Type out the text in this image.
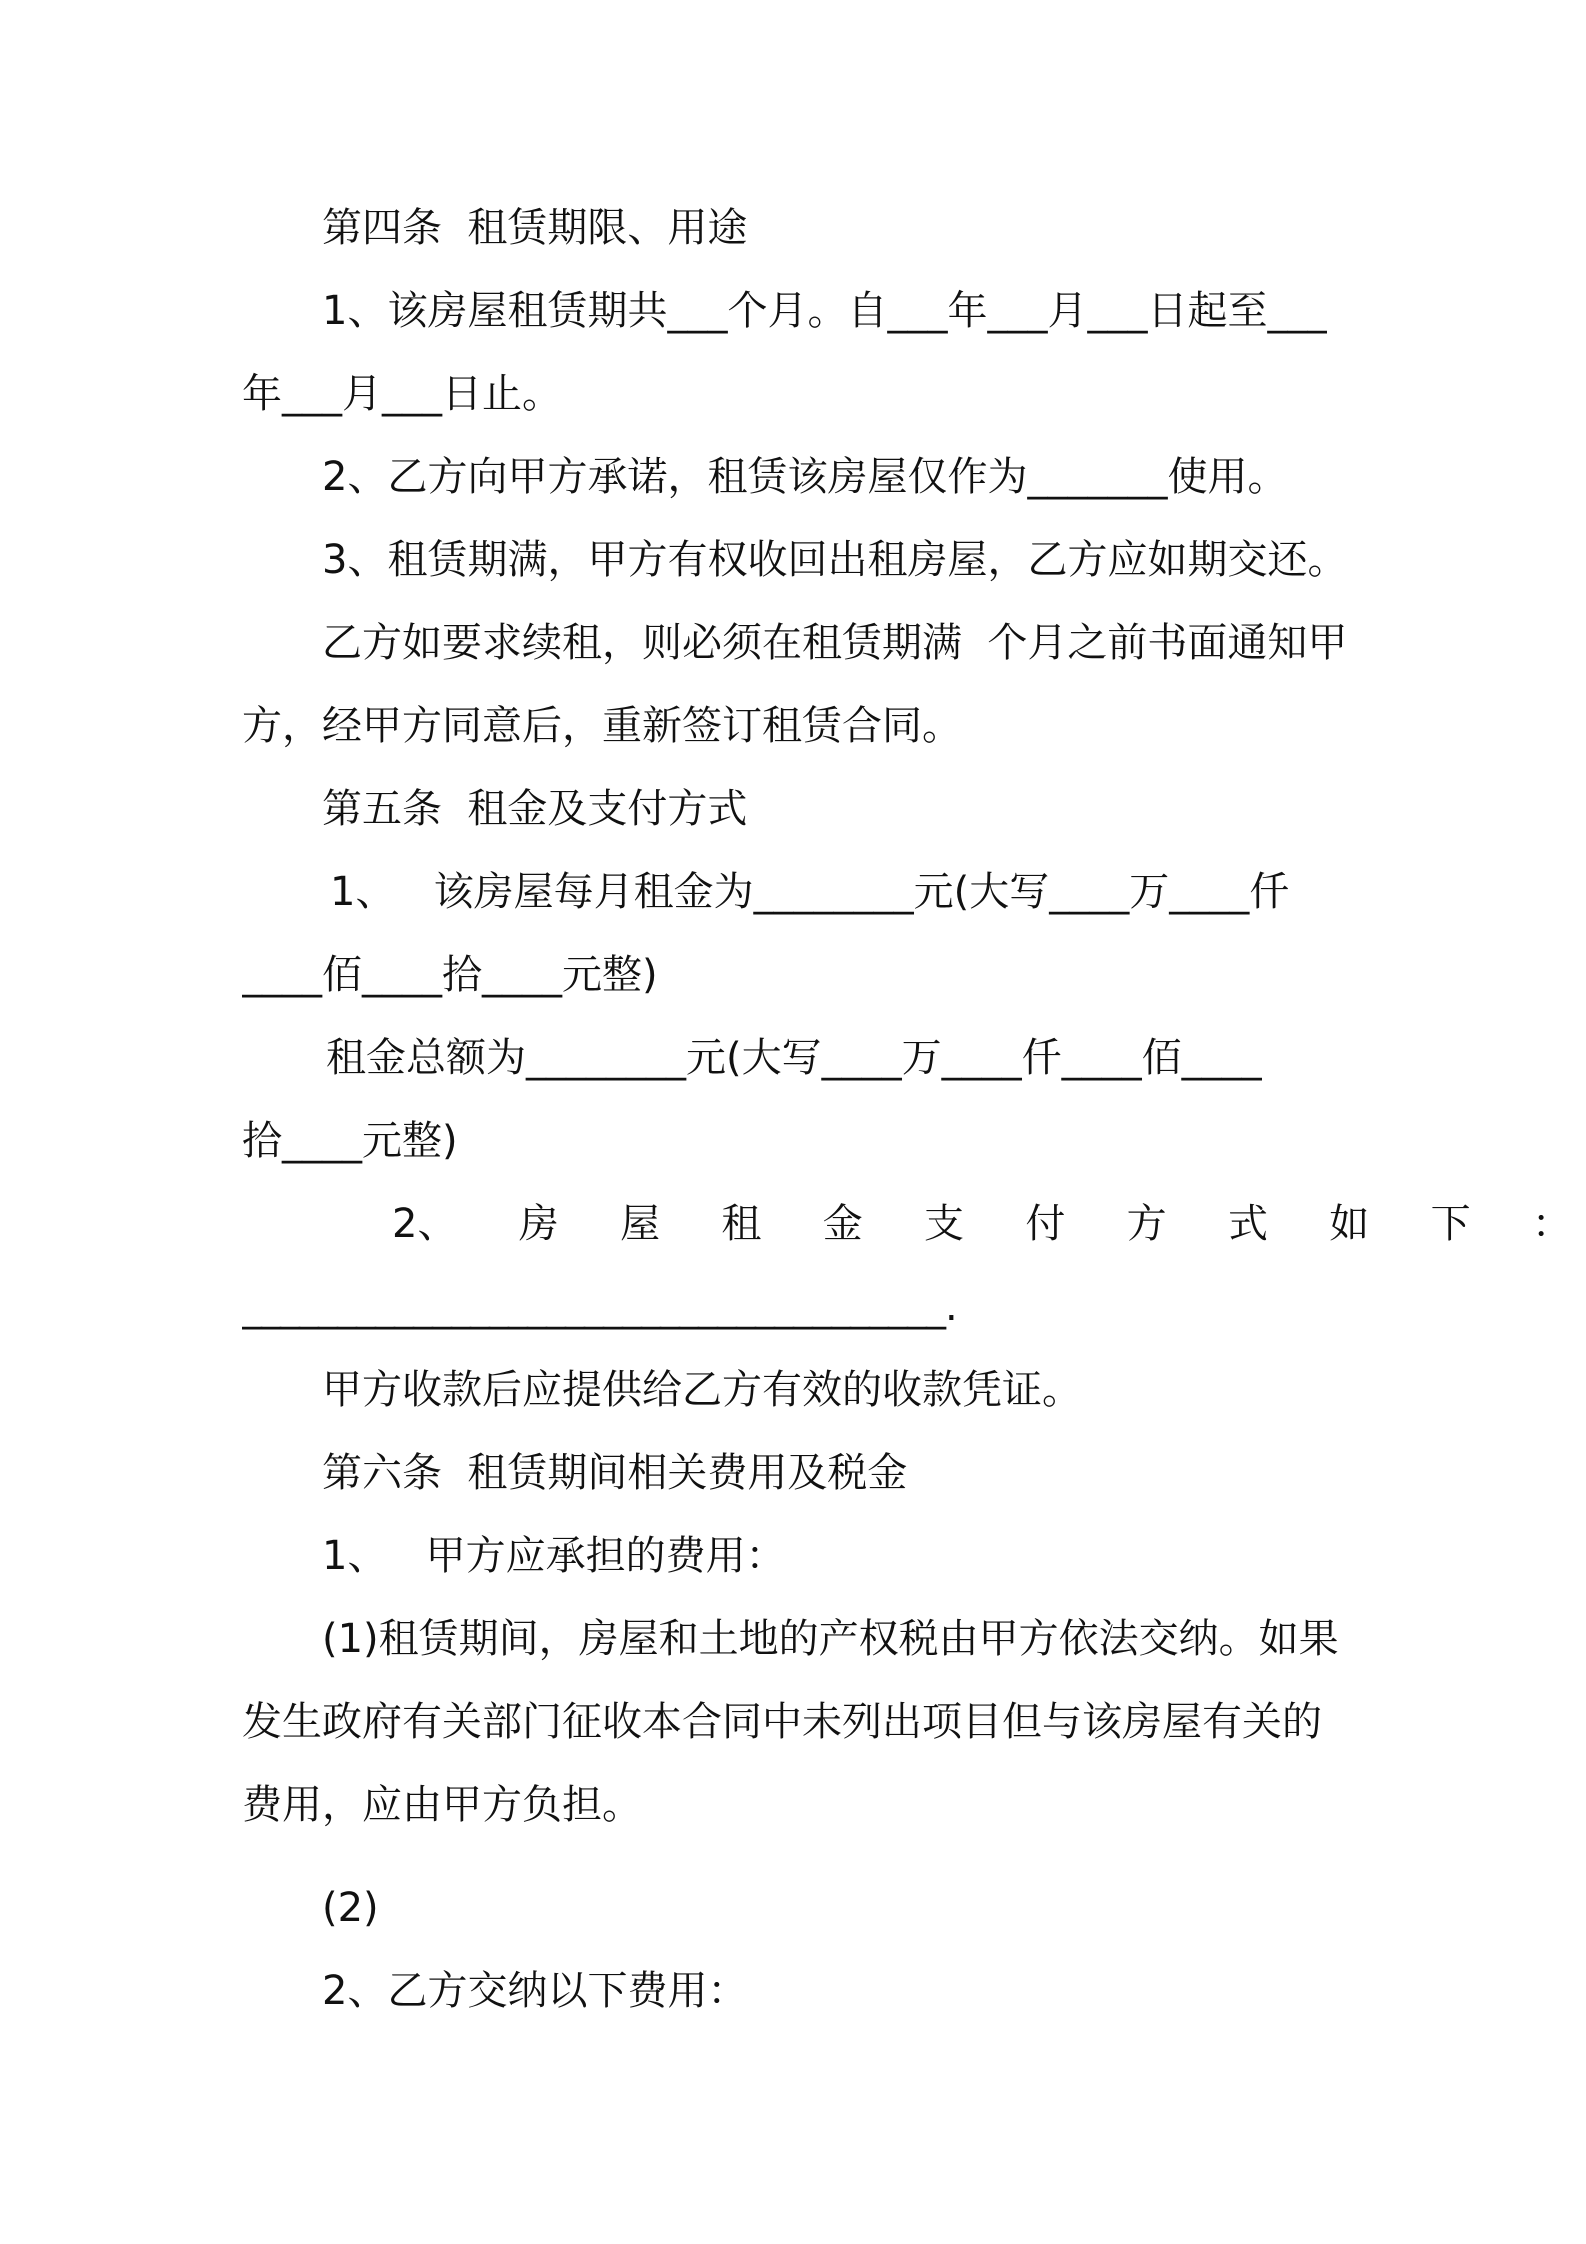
第四条  租赁期限、用途
1、该房屋租赁期共___个月。自___年___月___日起至___
年___月___日止。
2、乙方向甲方承诺，租赁该房屋仅作为_______使用。
3、租赁期满，甲方有权收回出租房屋，乙方应如期交还。
乙方如要求续租，则必须在租赁期满  个月之前书面通知甲
方，经甲方同意后，重新签订租赁合同。
第五条  租金及支付方式
1、   该房屋每月租金为________元(大写____万____仟
____佰____拾____元整)
租金总额为________元(大写____万____仟____佰____
拾____元整)
2、 房 屋 租 金 支 付 方 式 如 下 ：
_____________________________________.
甲方收款后应提供给乙方有效的收款凭证。
第六条  租赁期间相关费用及税金
1、   甲方应承担的费用：
(1)租赁期间，房屋和土地的产权税由甲方依法交纳。如果
发生政府有关部门征收本合同中未列出项目但与该房屋有关的
费用，应由甲方负担。
(2)
2、乙方交纳以下费用：
